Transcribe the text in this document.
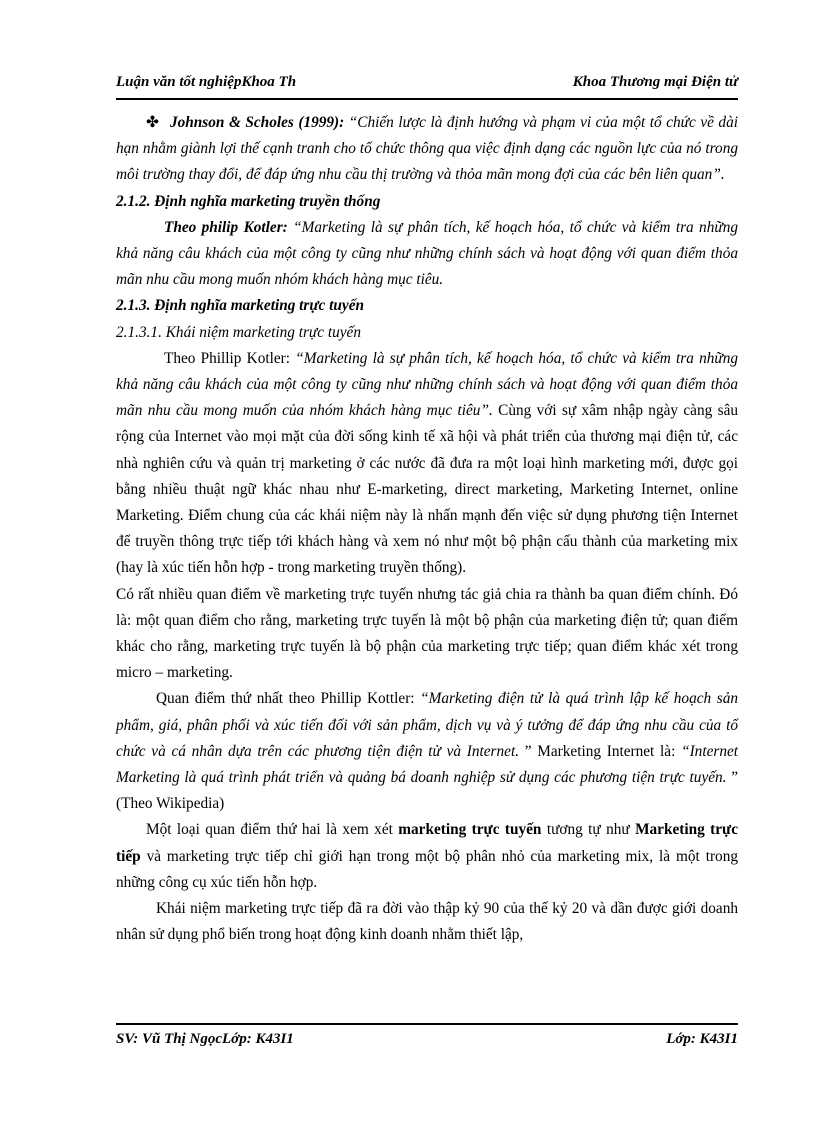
Luận văn tốt nghiệpKhoa Th	Khoa Thương mại Điện tử

✤ Johnson & Scholes (1999): “Chiến lược là định hướng và phạm vi của một tổ chức về dài hạn nhằm giành lợi thế cạnh tranh cho tổ chức thông qua việc định dạng các nguồn lực của nó trong môi trường thay đổi, để đáp ứng nhu cầu thị trường và thỏa mãn mong đợi của các bên liên quan”.

2.1.2. Định nghĩa marketing truyền thống

Theo philip Kotler: “Marketing là sự phân tích, kế hoạch hóa, tổ chức và kiểm tra những khả năng câu khách của một công ty cũng như những chính sách và hoạt động với quan điểm thỏa mãn nhu cầu mong muốn nhóm khách hàng mục tiêu.

2.1.3. Định nghĩa marketing trực tuyến

2.1.3.1. Khái niệm marketing trực tuyến

Theo Phillip Kotler: “Marketing là sự phân tích, kế hoạch hóa, tổ chức và kiểm tra những khả năng câu khách của một công ty cũng như những chính sách và hoạt động với quan điểm thỏa mãn nhu cầu mong muốn của nhóm khách hàng mục tiêu”. Cùng với sự xâm nhập ngày càng sâu rộng của Internet vào mọi mặt của đời sống kinh tế xã hội và phát triển của thương mại điện tử, các nhà nghiên cứu và quản trị marketing ở các nước đã đưa ra một loại hình marketing mới, được gọi bằng nhiều thuật ngữ khác nhau như E-marketing, direct marketing, Marketing Internet, online Marketing. Điểm chung của các khái niệm này là nhấn mạnh đến việc sử dụng phương tiện Internet để truyền thông trực tiếp tới khách hàng và xem nó như một bộ phận cấu thành của marketing mix (hay là xúc tiến hỗn hợp - trong marketing truyền thống).

Có rất nhiều quan điểm về marketing trực tuyến nhưng tác giả chia ra thành ba quan điểm chính. Đó là: một quan điểm cho rằng, marketing trực tuyến là một bộ phận của marketing điện tử; quan điểm khác cho rằng, marketing trực tuyến là bộ phận của marketing trực tiếp; quan điểm khác xét trong micro – marketing.

Quan điểm thứ nhất theo Phillip Kottler: “Marketing điện tử là quá trình lập kế hoạch sản phẩm, giá, phân phối và xúc tiến đối với sản phẩm, dịch vụ và ý tưởng để đáp ứng nhu cầu của tổ chức và cá nhân dựa trên các phương tiện điện tử và Internet. ” Marketing Internet là: “Internet Marketing là quá trình phát triển và quảng bá doanh nghiệp sử dụng các phương tiện trực tuyến. ” (Theo Wikipedia)

Một loại quan điểm thứ hai là xem xét marketing trực tuyến tương tự như Marketing trực tiếp và marketing trực tiếp chỉ giới hạn trong một bộ phân nhỏ của marketing mix, là một trong những công cụ xúc tiến hỗn hợp.

Khái niệm marketing trực tiếp đã ra đời vào thập kỷ 90 của thế kỷ 20 và dần được giới doanh nhân sử dụng phổ biến trong hoạt động kinh doanh nhằm thiết lập,

SV: Vũ Thị NgọcLớp: K43I1	Lớp: K43I1
